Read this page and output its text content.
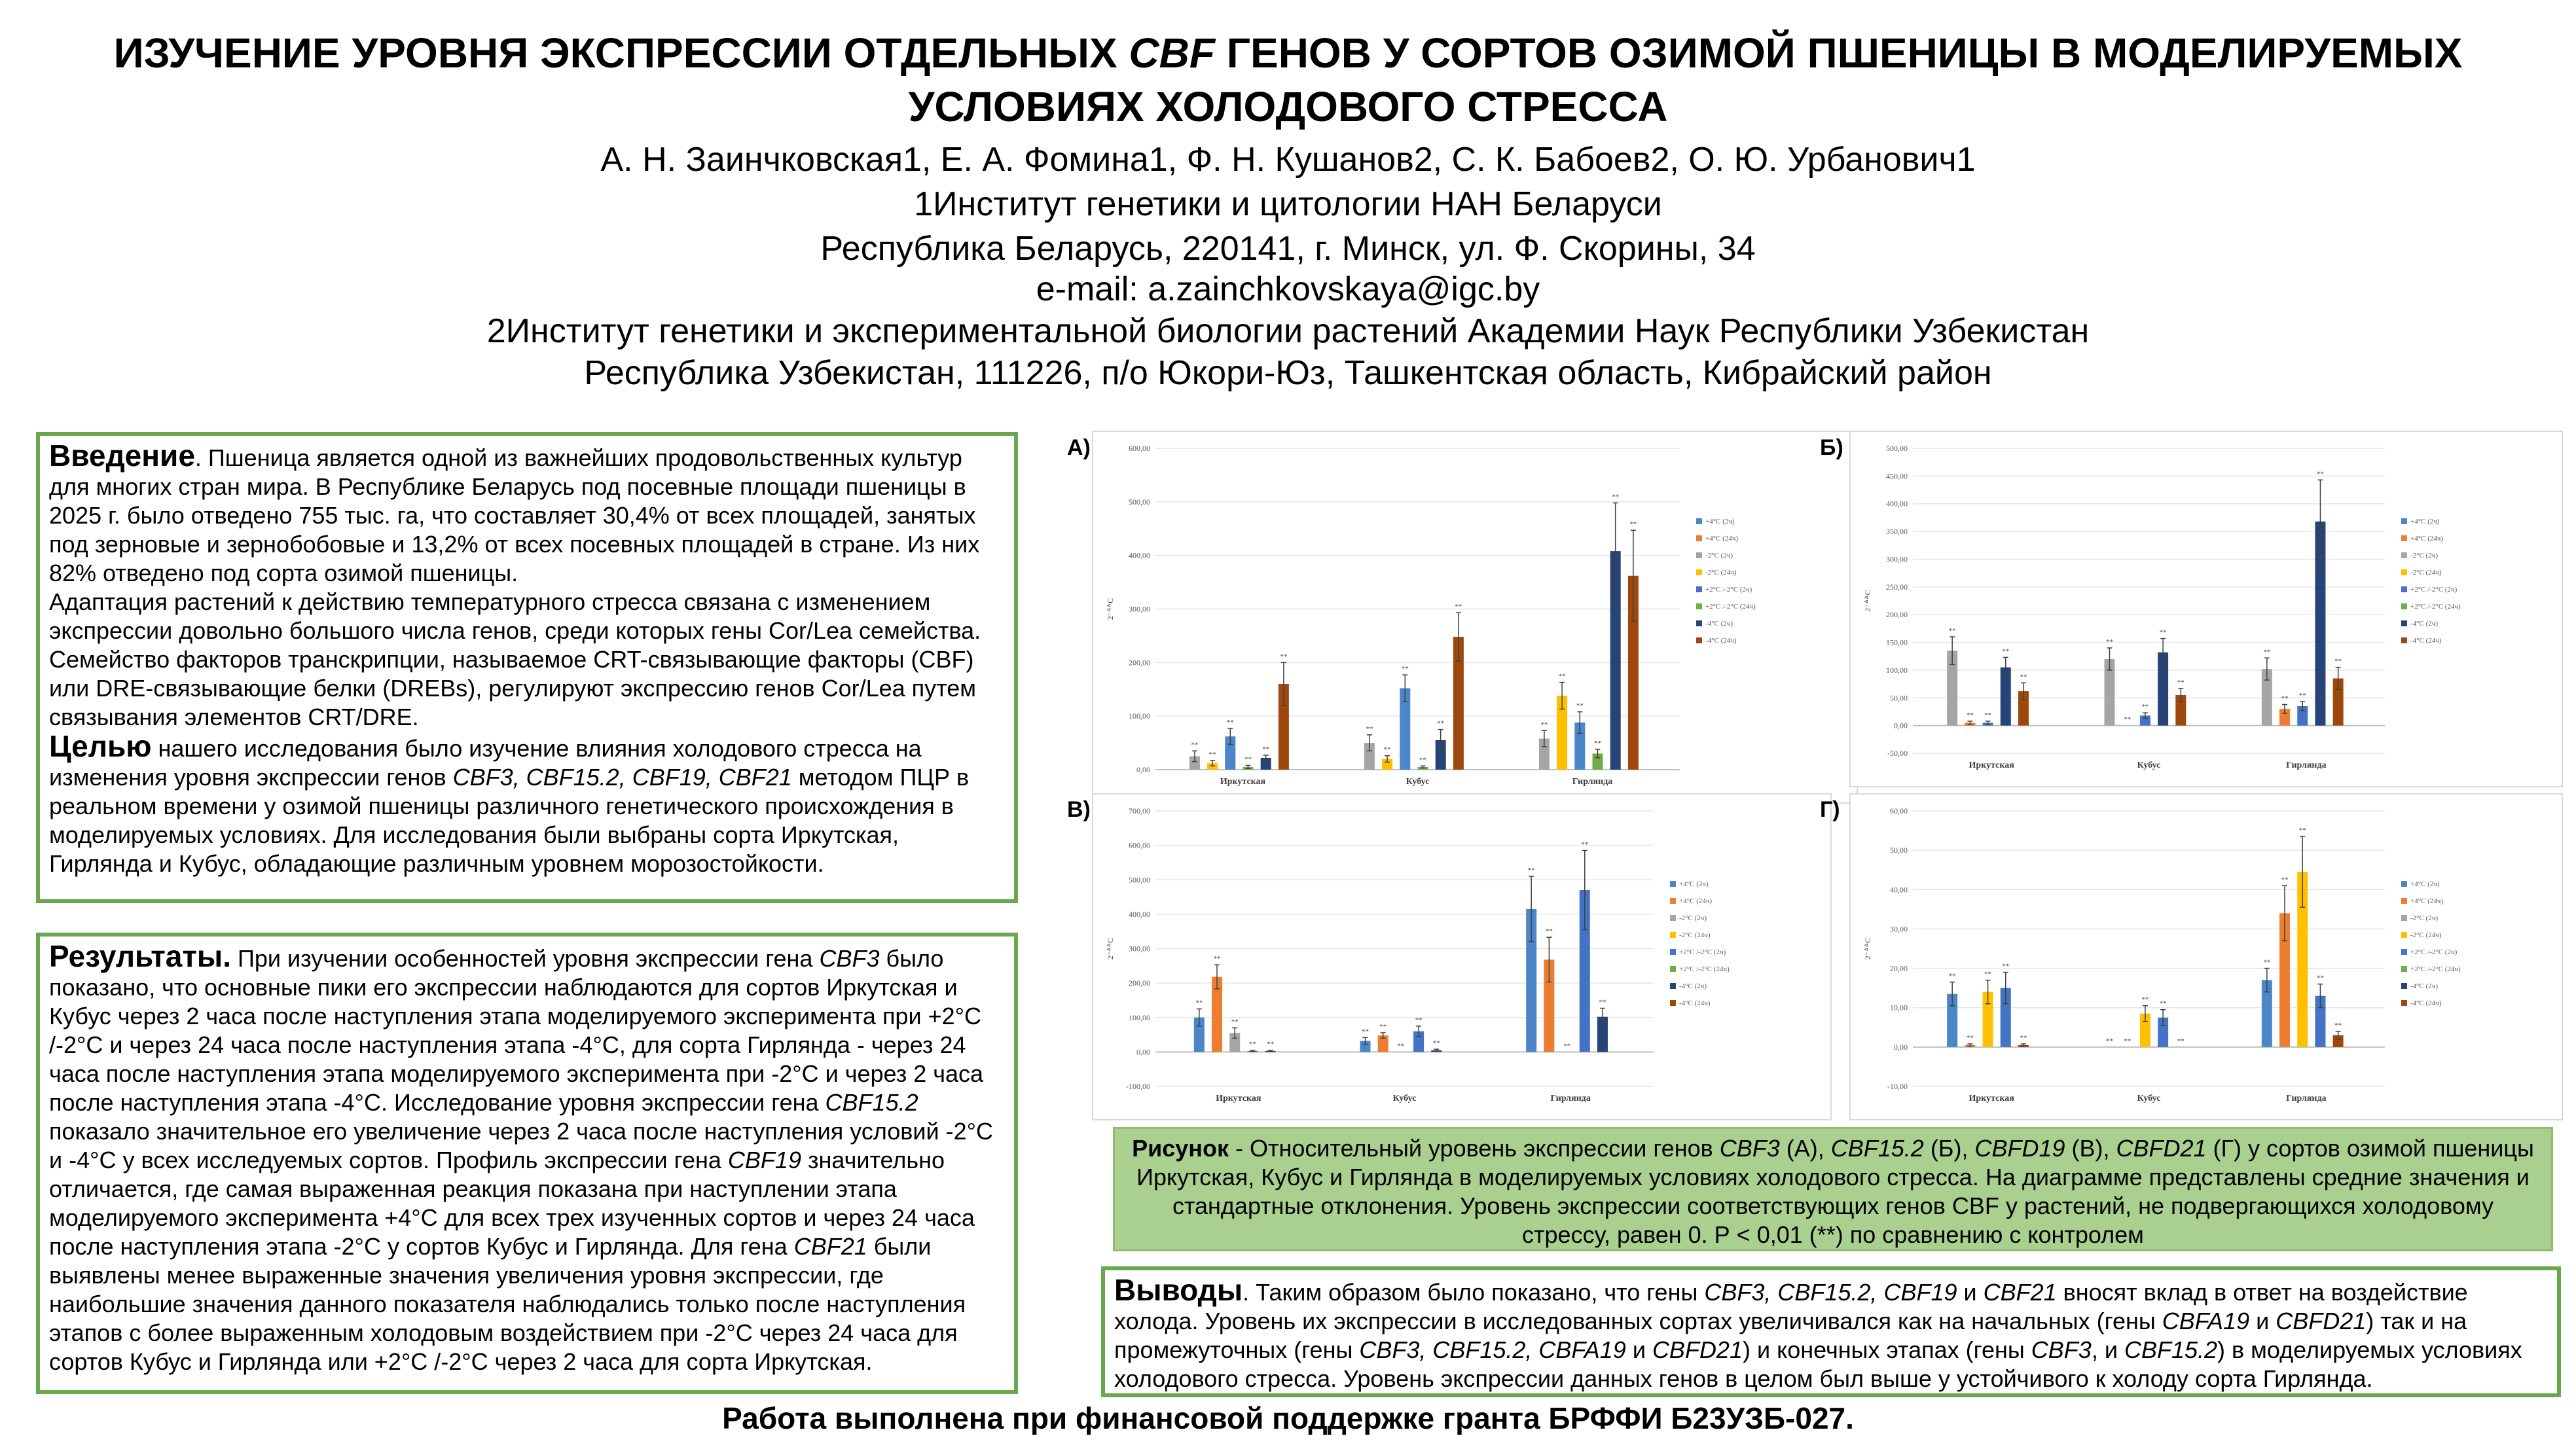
ИЗУЧЕНИЕ УРОВНЯ ЭКСПРЕССИИ ОТДЕЛЬНЫХ CBF ГЕНОВ У СОРТОВ ОЗИМОЙ ПШЕНИЦЫ В МОДЕЛИРУЕМЫХ
УСЛОВИЯХ ХОЛОДОВОГО СТРЕССА
А. Н. Заинчковская1, Е. А. Фомина1, Ф. Н. Кушанов2, С. К. Бабоев2, О. Ю. Урбанович1
1Институт генетики и цитологии НАН Беларуси
Республика Беларусь, 220141, г. Минск, ул. Ф. Скорины, 34
e-mail: a.zainchkovskaya@igc.by
2Институт генетики и экспериментальной биологии растений Академии Наук Республики Узбекистан
Республика Узбекистан, 111226, п/о Юкори-Юз, Ташкентская область, Кибрайский район

Введение. Пшеница является одной из важнейших продовольственных культур для многих стран мира. В Республике Беларусь под посевные площади пшеницы в 2025 г. было отведено 755 тыс. га, что составляет 30,4% от всех площадей, занятых под зерновые и зернобобовые и 13,2% от всех посевных площадей в стране. Из них 82% отведено под сорта озимой пшеницы.

Адаптация растений к действию температурного стресса связана с изменением экспрессии довольно большого числа генов, среди которых гены Cor/Lea семейства. Семейство факторов транскрипции, называемое CRT-связывающие факторы (CBF) или DRE-связывающие белки (DREBs), регулируют экспрессию генов Cor/Lea путем связывания элементов CRT/DRE.

Целью нашего исследования было изучение влияния холодового стресса на изменения уровня экспрессии генов CBF3, CBF15.2, CBF19, CBF21 методом ПЦР в реальном времени у озимой пшеницы различного генетического происхождения в моделируемых условиях. Для исследования были выбраны сорта Иркутская, Гирлянда и Кубус, обладающие различным уровнем морозостойкости.

Результаты. При изучении особенностей уровня экспрессии гена CBF3 было показано, что основные пики его экспрессии наблюдаются для сортов Иркутская и Кубус через 2 часа после наступления этапа моделируемого эксперимента при +2°С /-2°С и через 24 часа после наступления этапа -4°С, для сорта Гирлянда - через 24 часа после наступления этапа моделируемого эксперимента при -2°С и через 2 часа после наступления этапа -4°С. Исследование уровня экспрессии гена CBF15.2 показало значительное его увеличение через 2 часа после наступления условий -2°С и -4°С у всех исследуемых сортов. Профиль экспрессии гена CBF19 значительно отличается, где самая выраженная реакция показана при наступлении этапа моделируемого эксперимента +4°С для всех трех изученных сортов и через 24 часа после наступления этапа -2°С у сортов Кубус и Гирлянда. Для гена CBF21 были выявлены менее выраженные значения увеличения уровня экспрессии, где наибольшие значения данного показателя наблюдались только после наступления этапов с более выраженным холодовым воздействием при -2°С через 24 часа для сортов Кубус и Гирлянда или +2°С /-2°С через 2 часа для сорта Иркутская.

А)
0,00
100,00
200,00
300,00
400,00
500,00
600,00
2⁻ᐞᐞC
**
**
**
**
**
**
Иркутская
**
**
**
**
**
**
Кубус
**
**
**
**
**
**
Гирлянда
+4°C (2ч)
+4°C (24ч)
-2°C (2ч)
-2°C (24ч)
+2°C /-2°C (2ч)
+2°C /-2°C (24ч)
-4°C (2ч)
-4°C (24ч)
Б)
-50,00
0,00
50,00
100,00
150,00
200,00
250,00
300,00
350,00
400,00
450,00
500,00
2⁻ᐞᐞC
**
** **
**
**
Иркутская
**
**
**
**
**
Кубус
**
** **
**
**
Гирлянда
+4°C (2ч)
+4°C (24ч)
-2°C (2ч)
-2°C (24ч)
+2°C /-2°C (2ч)
+2°C /-2°C (24ч)
-4°C (2ч)
-4°C (24ч)
В)
-100,00
0,00
100,00
200,00
300,00
400,00
500,00
600,00
700,00
2⁻ᐞᐞC
**
**
**
** **
Иркутская
**
**
**
**
**
Кубус
**
**
**
**
**
Гирлянда
+4°C (2ч)
+4°C (24ч)
-2°C (2ч)
-2°C (24ч)
+2°C /-2°C (2ч)
+2°C /-2°C (24ч)
-4°C (2ч)
-4°C (24ч)
Г)
-10,00
0,00
10,00
20,00
30,00
40,00
50,00
60,00
2⁻ᐞᐞC
**
**
**
**
**
Иркутская
** **
**
**
**
Кубус
**
**
**
**
**
Гирлянда
+4°C (2ч)
+4°C (24ч)
-2°C (2ч)
-2°C (24ч)
+2°C /-2°C (2ч)
+2°C /-2°C (24ч)
-4°C (2ч)
-4°C (24ч)
Рисунок - Относительный уровень экспрессии генов CBF3 (А), CBF15.2 (Б), CBFD19 (В), CBFD21 (Г) у сортов озимой пшеницы Иркутская, Кубус и Гирлянда в моделируемых условиях холодового стресса. На диаграмме представлены средние значения и стандартные отклонения. Уровень экспрессии соответствующих генов CBF у растений, не подвергающихся холодовому стрессу, равен 0. Р < 0,01 (**) по сравнению с контролем

Выводы. Таким образом было показано, что гены CBF3, CBF15.2, CBF19 и CBF21 вносят вклад в ответ на воздействие холода. Уровень их экспрессии в исследованных сортах увеличивался как на начальных (гены CBFA19 и CBFD21) так и на промежуточных (гены CBF3, CBF15.2, CBFA19 и CBFD21) и конечных этапах (гены CBF3, и CBF15.2) в моделируемых условиях холодового стресса. Уровень экспрессии данных генов в целом был выше у устойчивого к холоду сорта Гирлянда.

Работа выполнена при финансовой поддержке гранта БРФФИ Б23УЗБ-027.
